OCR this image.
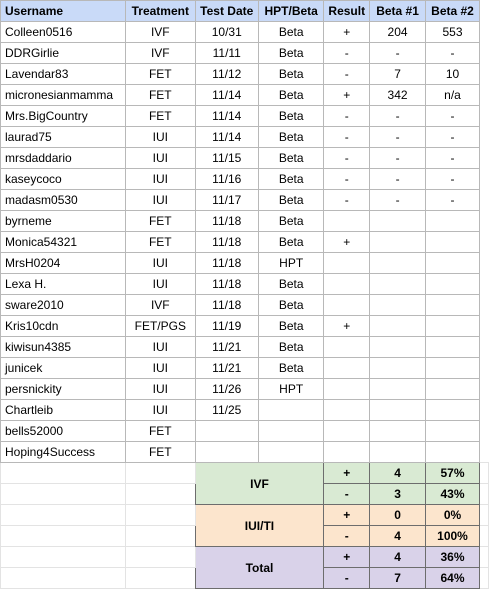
Username	Treatment	Test Date	HPT/Beta	Result	Beta #1	Beta #2	
Colleen0516	IVF	10/31	Beta	+	204	553	
DDRGirlie	IVF	11/11	Beta	-	-	-	
Lavendar83	FET	11/12	Beta	-	7	10	
micronesianmamma	FET	11/14	Beta	+	342	n/a	
Mrs.BigCountry	FET	11/14	Beta	-	-	-	
laurad75	IUI	11/14	Beta	-	-	-	
mrsdaddario	IUI	11/15	Beta	-	-	-	
kaseycoco	IUI	11/16	Beta	-	-	-	
madasm0530	IUI	11/17	Beta	-	-	-	
byrneme	FET	11/18	Beta				
Monica54321	FET	11/18	Beta	+			
MrsH0204	IUI	11/18	HPT				
Lexa H.	IUI	11/18	Beta				
sware2010	IVF	11/18	Beta				
Kris10cdn	FET/PGS	11/19	Beta	+			
kiwisun4385	IUI	11/21	Beta				
junicek	IUI	11/21	Beta				
persnickity	IUI	11/26	HPT				
Chartleib	IUI	11/25					
bells52000	FET						
Hoping4Success	FET						
		IVF		+	4	57%	
				-	3	43%	
		IUI/TI		+	0	0%	
				-	4	100%	
		Total		+	4	36%	
				-	7	64%	
